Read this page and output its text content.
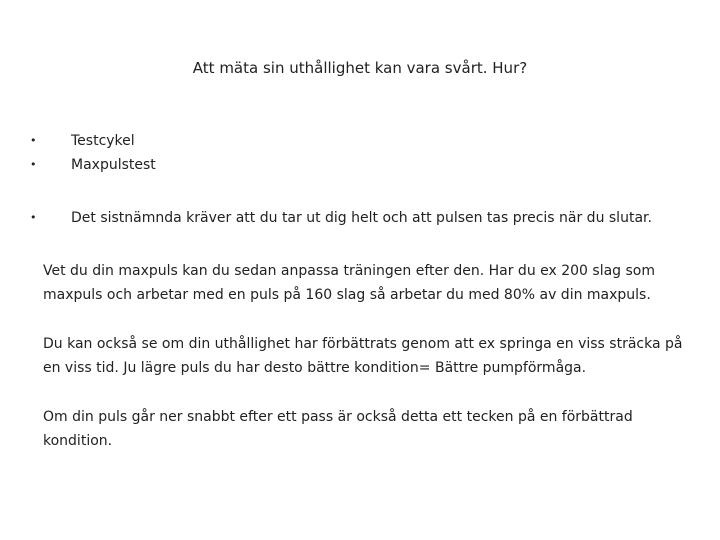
Att mäta sin uthållighet kan vara svårt. Hur?
• Testcykel
• Maxpulstest
• Det sistnämnda kräver att du tar ut dig helt och att pulsen tas precis när du slutar.

Vet du din maxpuls kan du sedan anpassa träningen efter den. Har du ex 200 slag som maxpuls och arbetar med en puls på 160 slag så arbetar du med 80% av din maxpuls.

Du kan också se om din uthållighet har förbättrats genom att ex springa en viss sträcka på en viss tid. Ju lägre puls du har desto bättre kondition= Bättre pumpförmåga.

Om din puls går ner snabbt efter ett pass är också detta ett tecken på en förbättrad kondition.
